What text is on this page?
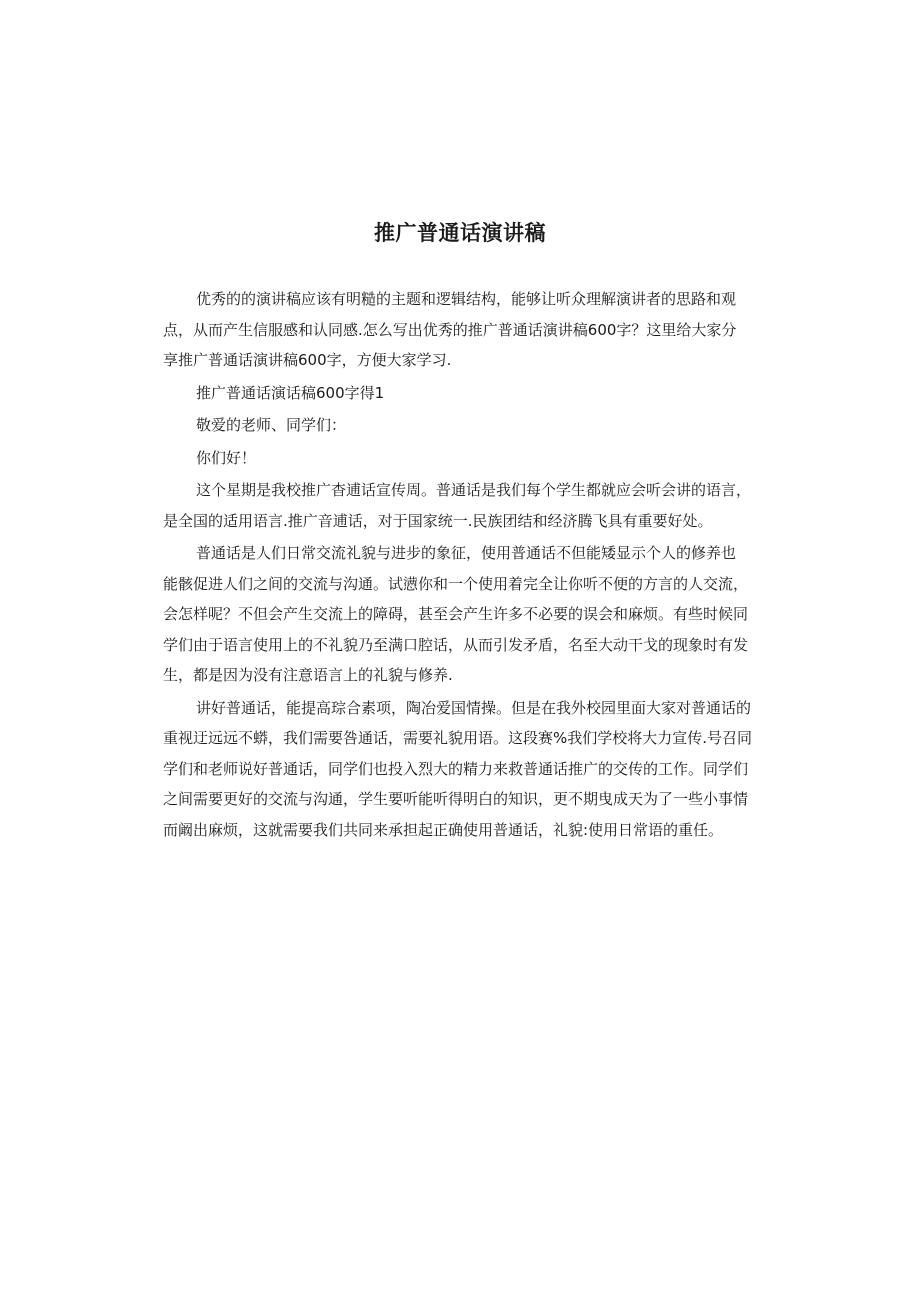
推广普通话演讲稿
优秀的的演讲稿应该有明糙的主题和逻辑结构，能够让听众理解演讲者的思路和观
点，从而产生信服感和认同感.怎么写出优秀的推广普通话演讲稿600字？这里给大家分
享推广普通话演讲稿600字，方便大家学习.
推广普通话演话稿600字得1
敬爱的老师、同学们：
你们好！
这个星期是我校推广杳逋话宣传周。普通话是我们每个学生都就应会听会讲的语言，
是全国的适用语言.推广音逋话，对于国家统一.民族团结和经济腾飞具有重要好处。
普通话是人们日常交流礼貌与进步的象征，使用普通话不但能矮显示个人的修养也
能骸促进人们之间的交流与沟通。试懑你和一个使用着完全让你听不便的方言的人交流，
会怎样呢？不但会产生交流上的障碍，甚至会产生许多不必要的误会和麻烦。有些时候同
学们由于语言使用上的不礼貌乃至满口腔话，从而引发矛盾，名至大动干戈的现象时有发
生，都是因为没有注意语言上的礼貌与修养.
讲好普通话，能提高琮合素项，陶冶爱国情操。但是在我外校园里面大家对普通话的
重视迂远远不蟒，我们需要咎通话，需要礼貌用语。这段赛%我们学校将大力宣传.号召同
学们和老师说好普通话，同学们也投入烈大的精力来救普通话推广的交传的工作。同学们
之间需要更好的交流与沟通，学生要听能听得明白的知识，更不期曳成天为了一些小事情
而阚出麻烦，这就需要我们共同来承担起正确使用普通话，礼貌:使用日常语的重任。
